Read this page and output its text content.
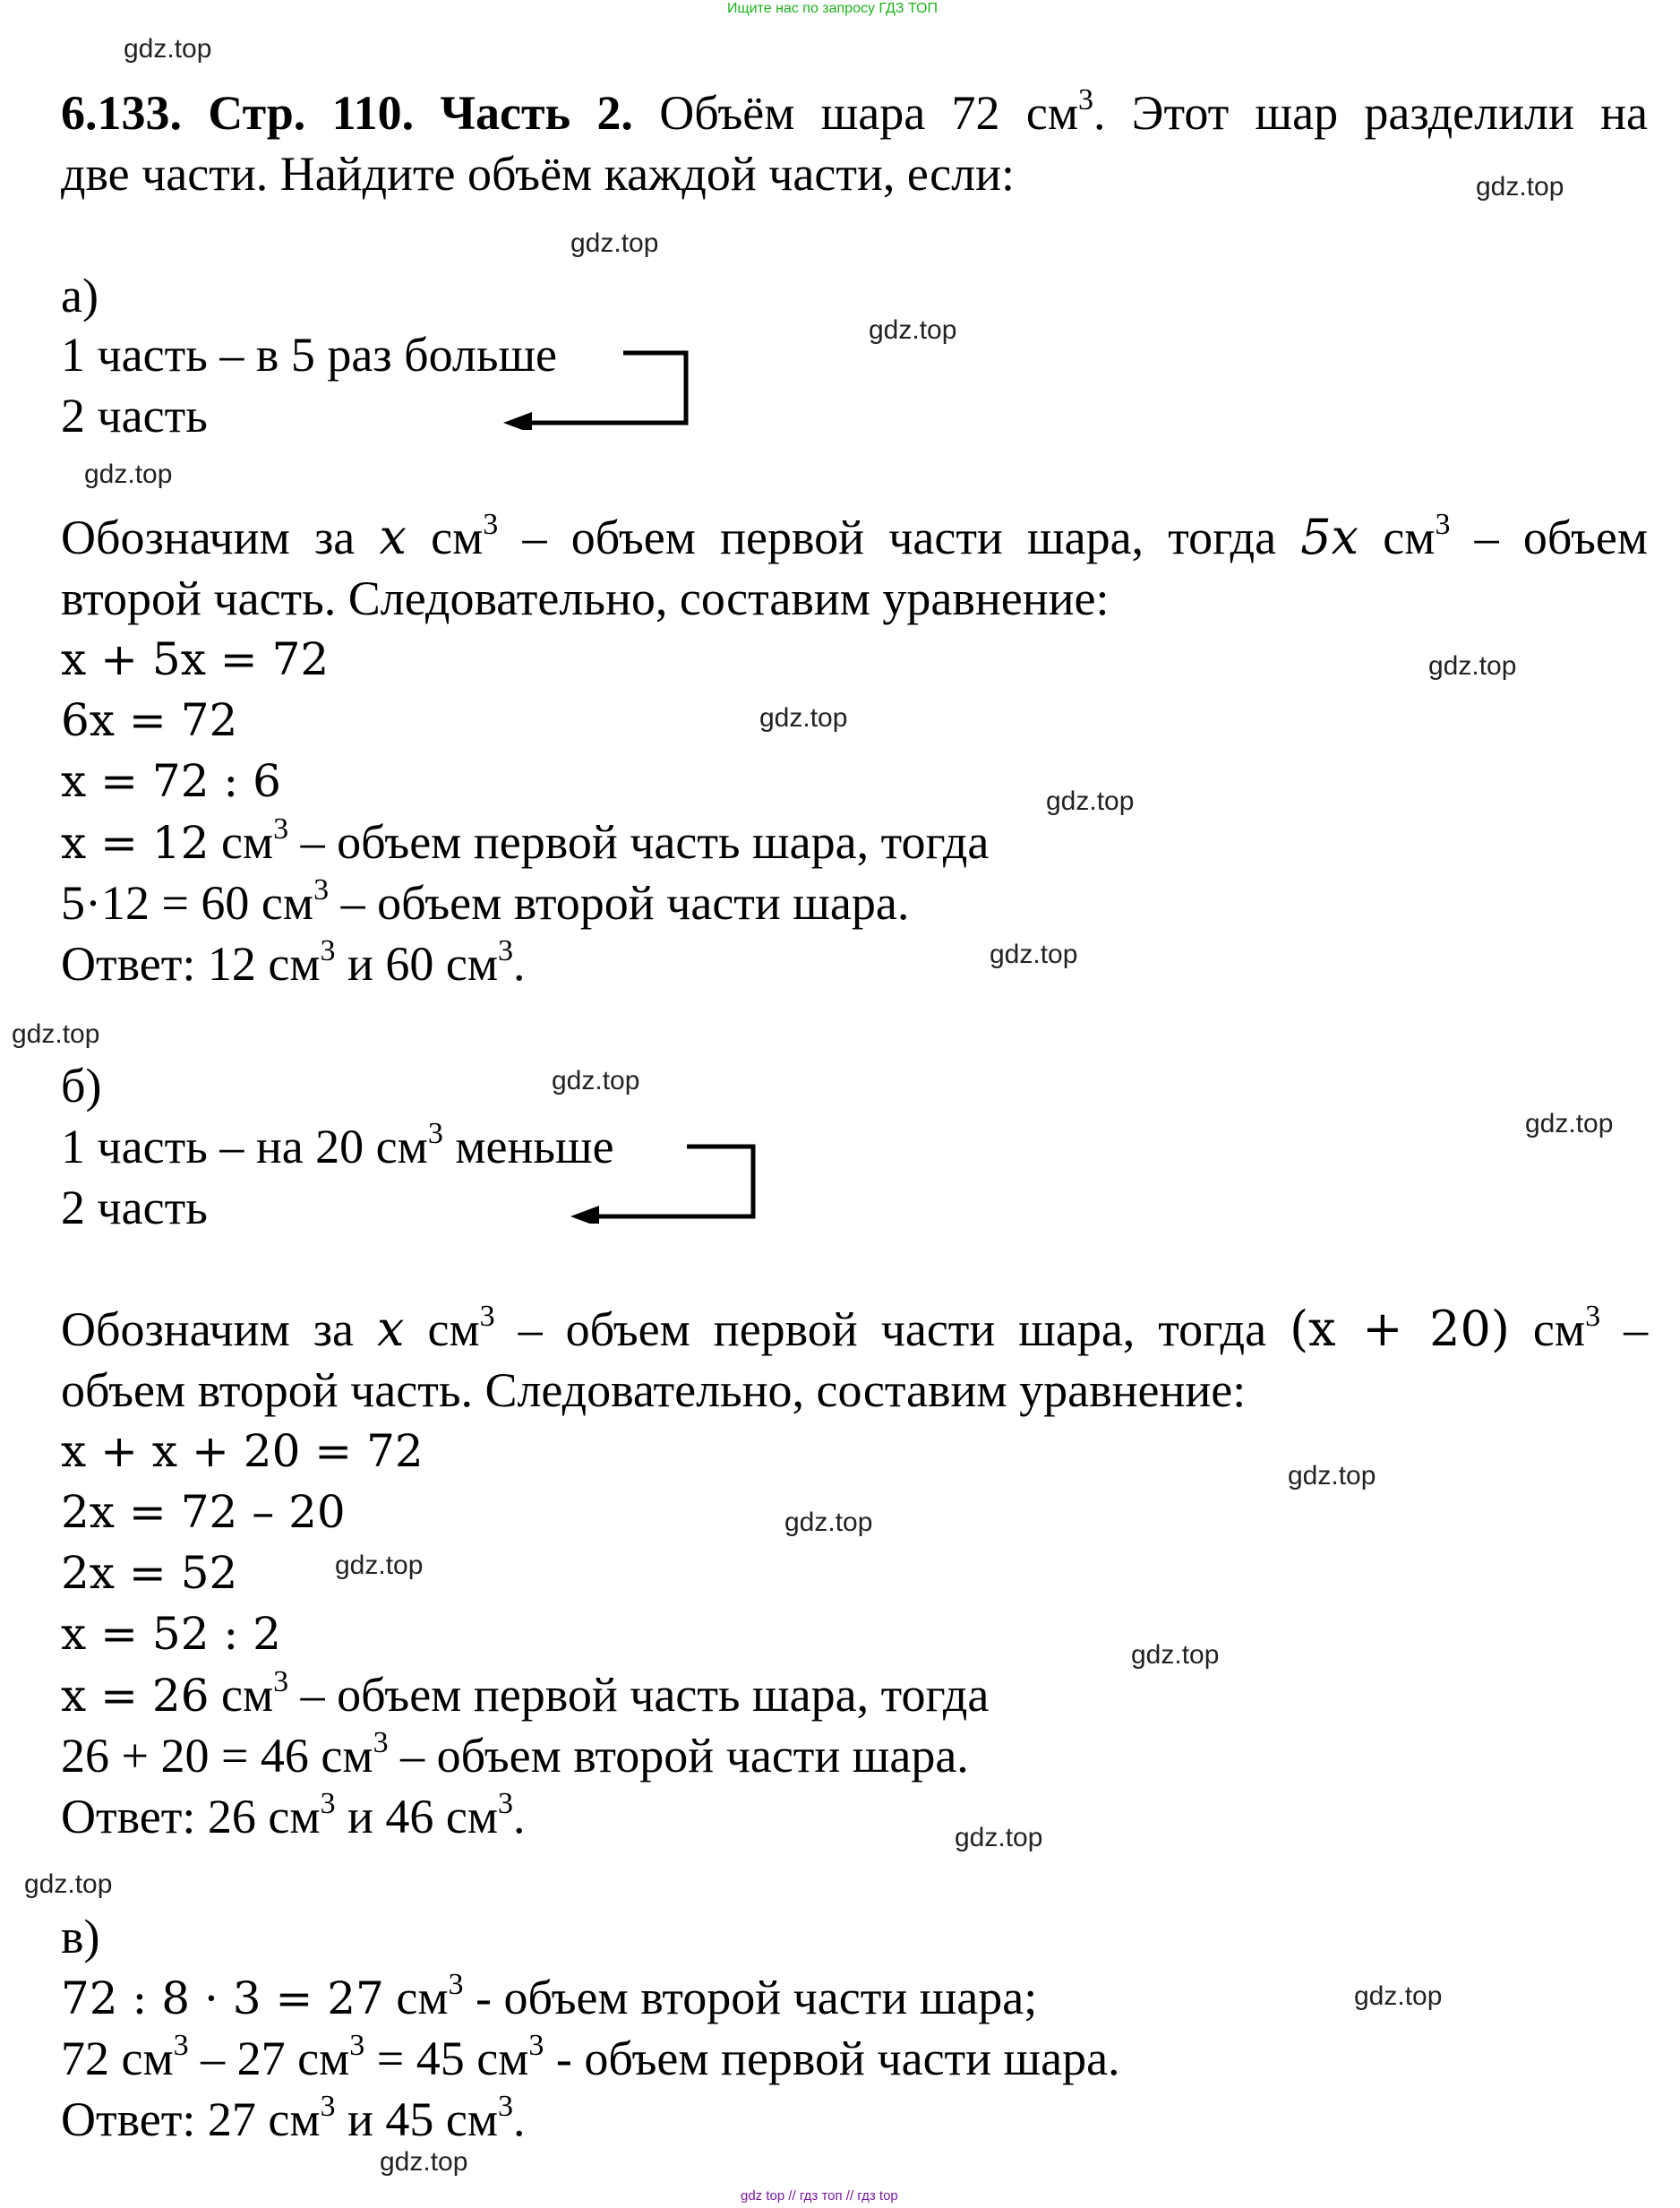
Ищите нас по запросу ГДЗ ТОП
gdz top // гдз топ // гдз top
gdz.top
gdz.top
gdz.top
gdz.top
gdz.top
gdz.top
gdz.top
gdz.top
gdz.top
gdz.top
gdz.top
gdz.top
gdz.top
gdz.top
gdz.top
gdz.top
gdz.top
gdz.top
gdz.top
gdz.top
6.133. Стр. 110. Часть 2. Объём шара 72 $см^3$. Этот шар разделили на
две части. Найдите объём каждой части, если:
а)
1 часть – в 5 раз больше
2 часть
Обозначим за x $см^3$ – объем первой части шара, тогда 5x $см^3$ – объем
второй часть. Следовательно, составим уравнение:
x + 5x = 72
6x = 72
x = 72 : 6
x = 12 $см^3$ – объем первой часть шара, тогда
5·12 = 60 $см^3$ – объем второй части шара.
Ответ: 12 $см^3$ и 60 $см^3$.
б)
1 часть – на 20 $см^3$ меньше
2 часть
Обозначим за x $см^3$ – объем первой части шара, тогда (x + 20) $см^3$ –
объем второй часть. Следовательно, составим уравнение:
x + x + 20 = 72
2x = 72 – 20
2x = 52
x = 52 : 2
x = 26 $см^3$ – объем первой часть шара, тогда
26 + 20 = 46 $см^3$ – объем второй части шара.
Ответ: 26 $см^3$ и 46 $см^3$.
в)
72 : 8 · 3 = 27 $см^3$ - объем второй части шара;
72 $см^3 - 27$ $см^3 = 45$ $см^3$ - объем первой части шара.
Ответ: 27 $см^3$ и 45 $см^3$.
